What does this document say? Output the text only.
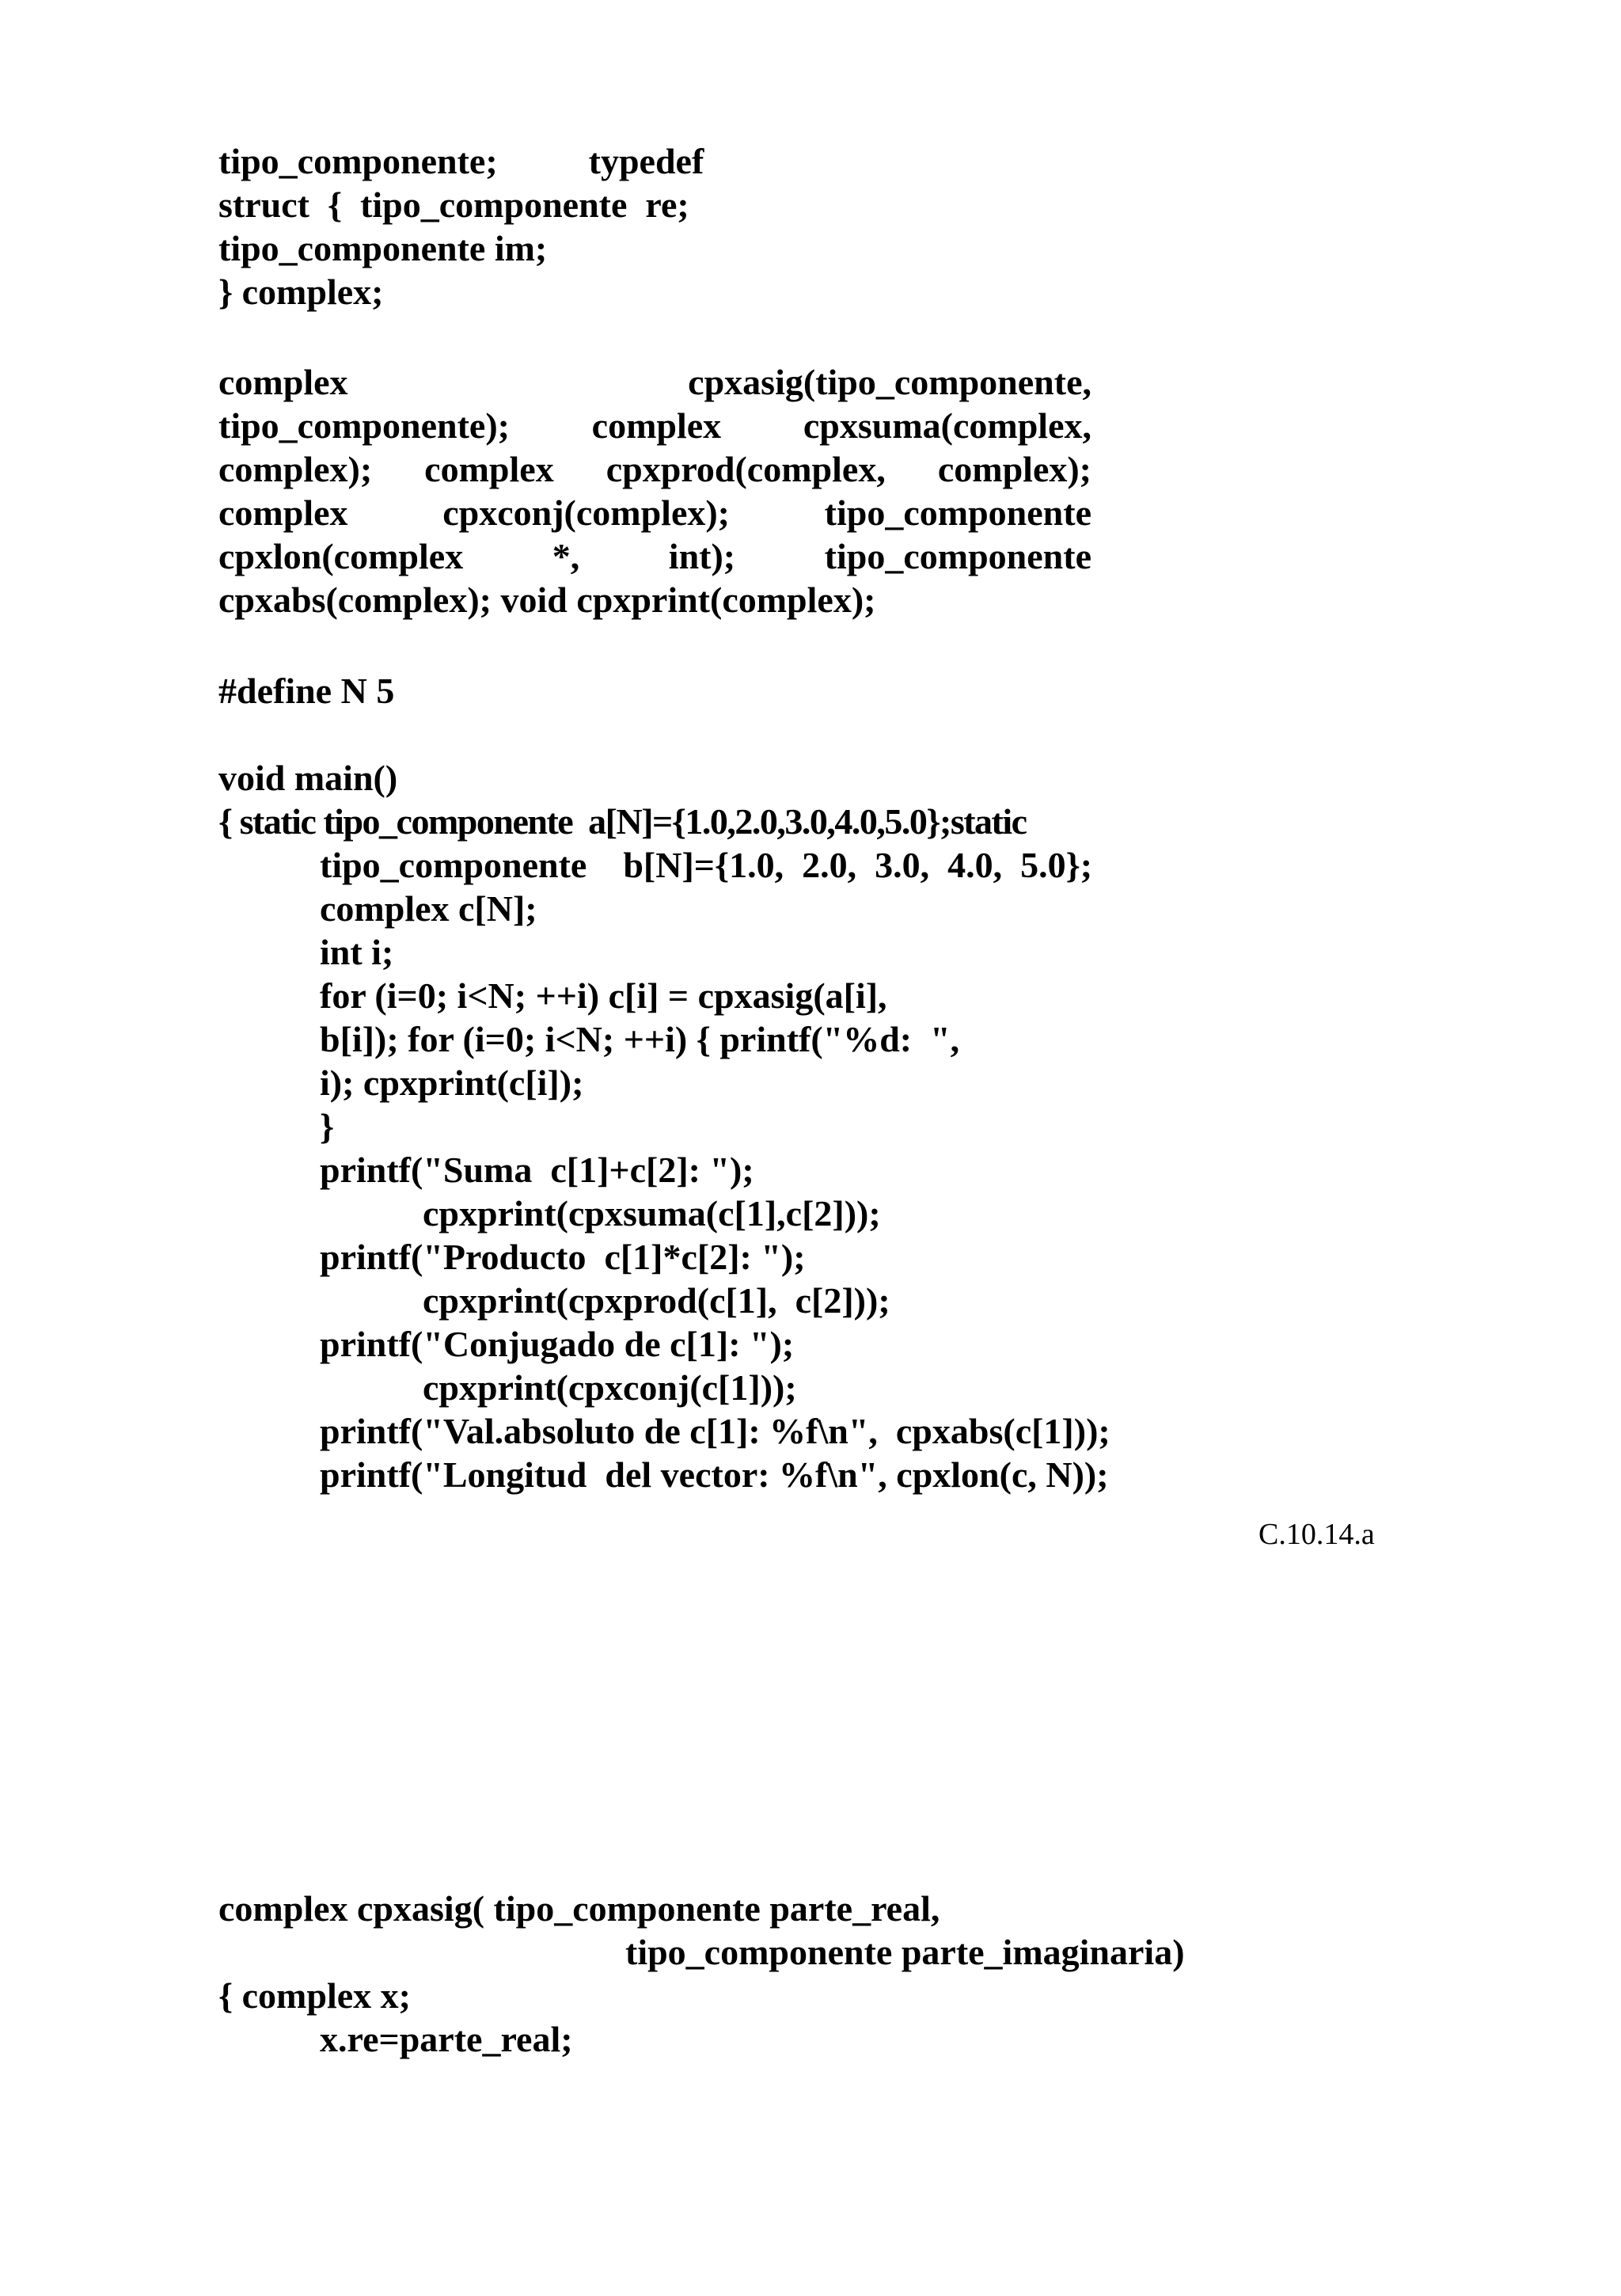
tipo_componente;          typedef
struct  {  tipo_componente  re;
tipo_componente im;
} complex;
complex cpxasig(tipo_componente,
tipo_componente); complex cpxsuma(complex,
complex); complex cpxprod(complex, complex);
complex cpxconj(complex); tipo_componente
cpxlon(complex *, int); tipo_componente
cpxabs(complex); void cpxprint(complex);
#define N 5
void main()
{ static tipo_componente  a[N]={1.0,2.0,3.0,4.0,5.0};static
tipo_componente    b[N]={1.0,  2.0,  3.0,  4.0,  5.0};
complex c[N];
int i;
for (i=0; i<N; ++i) c[i] = cpxasig(a[i],
b[i]); for (i=0; i<N; ++i) { printf("%d:  ",
i); cpxprint(c[i]);
}
printf("Suma  c[1]+c[2]: ");
cpxprint(cpxsuma(c[1],c[2]));
printf("Producto  c[1]*c[2]: ");
cpxprint(cpxprod(c[1],  c[2]));
printf("Conjugado de c[1]: ");
cpxprint(cpxconj(c[1]));
printf("Val.absoluto de c[1]: %f\n",  cpxabs(c[1]));
printf("Longitud  del vector: %f\n", cpxlon(c, N));
C.10.14.a
complex cpxasig( tipo_componente parte_real,
tipo_componente parte_imaginaria)
{ complex x;
x.re=parte_real;
